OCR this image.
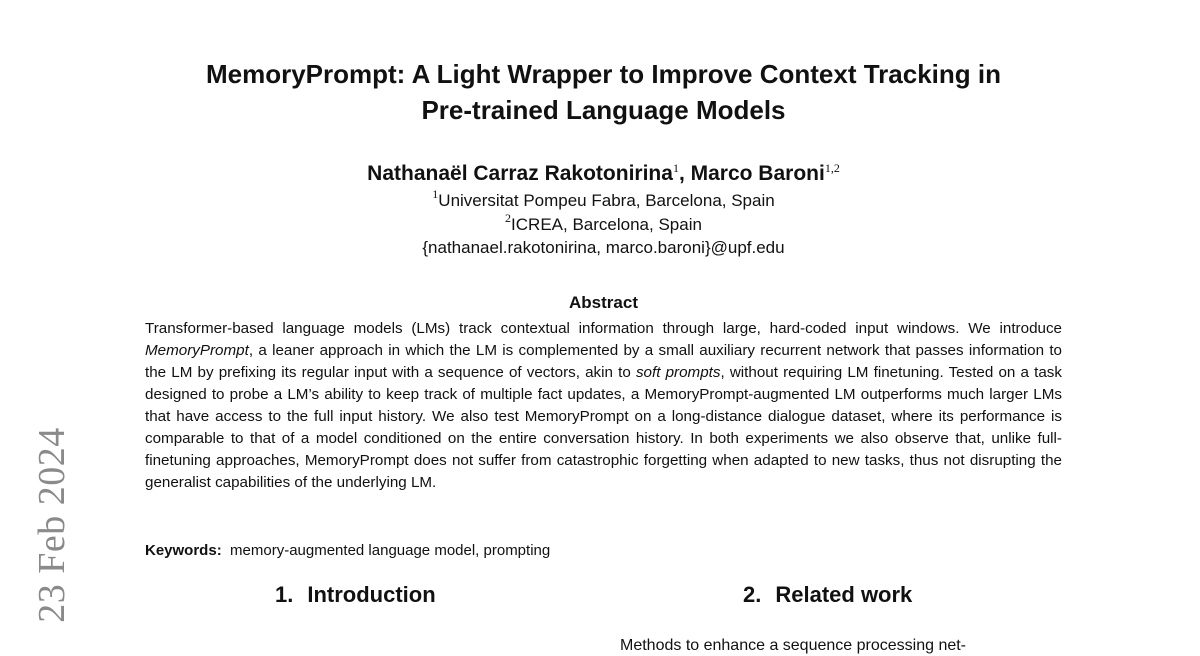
23 Feb 2024
MemoryPrompt: A Light Wrapper to Improve Context Tracking in
Pre-trained Language Models
Nathanaël Carraz Rakotonirina$^1$, Marco Baroni$^{1,2}$
$^1$Universitat Pompeu Fabra, Barcelona, Spain
$^2$ICREA, Barcelona, Spain
{nathanael.rakotonirina, marco.baroni}@upf.edu
Abstract

Transformer-based language models (LMs) track contextual information through large, hard-coded input windows. We introduce MemoryPrompt, a leaner approach in which the LM is complemented by a small auxiliary recurrent network that passes information to the LM by prefixing its regular input with a sequence of vectors, akin to soft prompts, without requiring LM finetuning. Tested on a task designed to probe a LM’s ability to keep track of multiple fact updates, a MemoryPrompt-augmented LM outperforms much larger LMs that have access to the full input history. We also test MemoryPrompt on a long-distance dialogue dataset, where its performance is comparable to that of a model conditioned on the entire conversation history. In both experiments we also observe that, unlike full-finetuning approaches, MemoryPrompt does not suffer from catastrophic forgetting when adapted to new tasks, thus not disrupting the generalist capabilities of the underlying LM.

Keywords: memory-augmented language model, prompting
1. Introduction	2. Related work
Methods to enhance a sequence processing net-
